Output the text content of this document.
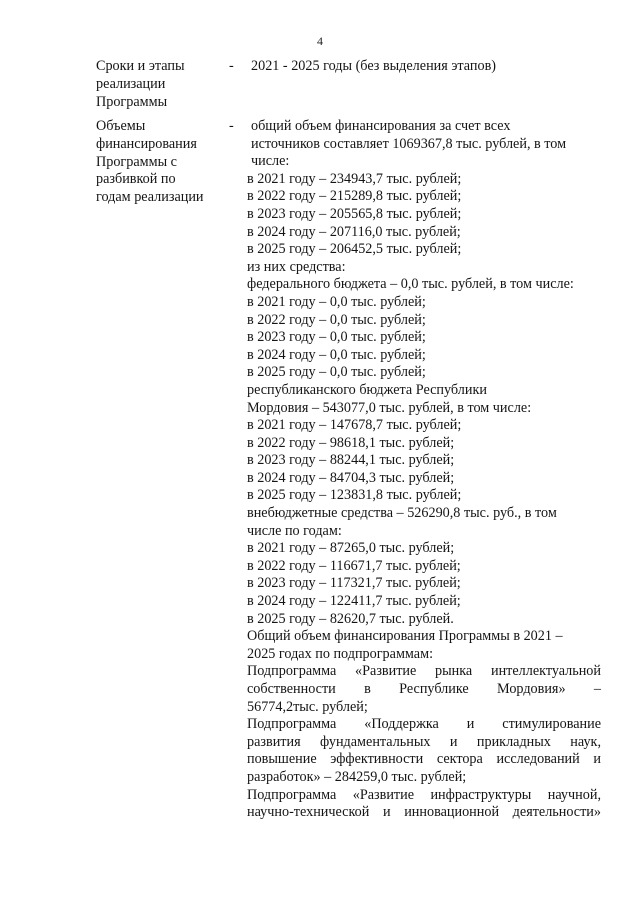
4
Сроки и этапы
реализации
Программы
- 2021 - 2025 годы (без выделения этапов)
Объемы
финансирования
Программы с
разбивкой по
годам реализации
- общий объем финансирования за счет всех
источников составляет 1069367,8 тыс. рублей, в том
числе:
в 2021 году – 234943,7 тыс. рублей;
в 2022 году – 215289,8 тыс. рублей;
в 2023 году – 205565,8 тыс. рублей;
в 2024 году – 207116,0 тыс. рублей;
в 2025 году – 206452,5 тыс. рублей;
из них средства:
федерального бюджета – 0,0 тыс. рублей, в том числе:
в 2021 году – 0,0 тыс. рублей;
в 2022 году – 0,0 тыс. рублей;
в 2023 году – 0,0 тыс. рублей;
в 2024 году – 0,0 тыс. рублей;
в 2025 году – 0,0 тыс. рублей;
республиканского бюджета Республики
Мордовия – 543077,0 тыс. рублей, в том числе:
в 2021 году – 147678,7 тыс. рублей;
в 2022 году – 98618,1 тыс. рублей;
в 2023 году – 88244,1 тыс. рублей;
в 2024 году – 84704,3 тыс. рублей;
в 2025 году – 123831,8 тыс. рублей;
внебюджетные средства – 526290,8 тыс. руб., в том
числе по годам:
в 2021 году – 87265,0 тыс. рублей;
в 2022 году – 116671,7 тыс. рублей;
в 2023 году – 117321,7 тыс. рублей;
в 2024 году – 122411,7 тыс. рублей;
в 2025 году – 82620,7 тыс. рублей.
Общий объем финансирования Программы в 2021 –
2025 годах по подпрограммам:
Подпрограмма «Развитие рынка интеллектуальной
собственности в Республике Мордовия» –
56774,2тыс. рублей;
Подпрограмма «Поддержка и стимулирование
развития фундаментальных и прикладных наук,
повышение эффективности сектора исследований и
разработок» – 284259,0 тыс. рублей;
Подпрограмма «Развитие инфраструктуры научной,
научно-технической и инновационной деятельности»
